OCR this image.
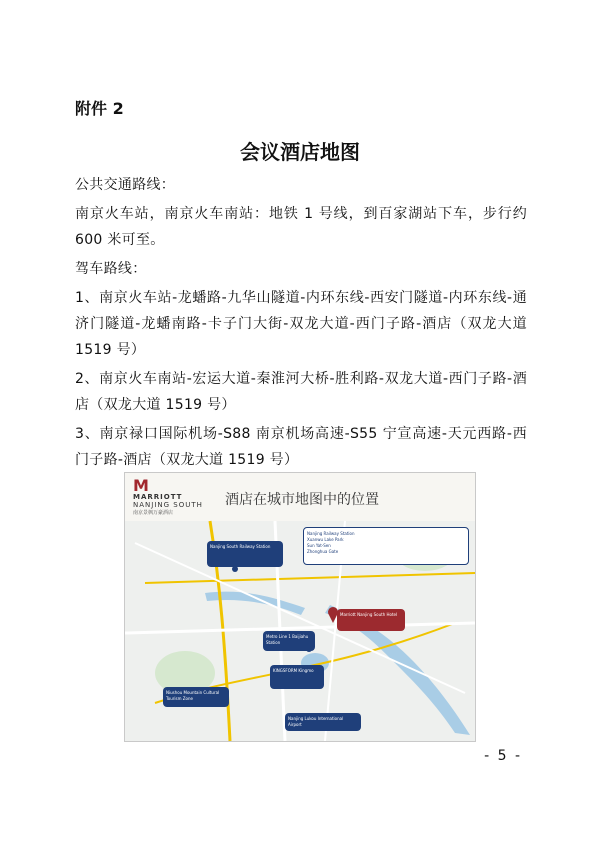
附件 2
会议酒店地图

公共交通路线：

南京火车站，南京火车南站：地铁 1 号线，到百家湖站下车，步行约 600 米可至。

驾车路线：

1、南京火车站-龙蟠路-九华山隧道-内环东线-西安门隧道-内环东线-通济门隧道-龙蟠南路-卡子门大街-双龙大道-西门子路-酒店（双龙大道 1519 号）

2、南京火车南站-宏运大道-秦淮河大桥-胜利路-双龙大道-西门子路-酒店（双龙大道 1519 号）

3、南京禄口国际机场-S88 南京机场高速-S55 宁宣高速-天元西路-西门子路-酒店（双龙大道 1519 号）

M
MARRIOTT
NANJING SOUTH
南京景枫万豪酒店
酒店在城市地图中的位置
Nanjing South Railway Station
Nanjing Railway Station
Xuanwu Lake Park
Sun Yat-Sen
Zhonghua Gate
Marriott Nanjing South Hotel
Metro Line 1 Baijiahu Station
KINGSFORM Kingmo
Niushou Mountain Cultural Tourism Zone
Nanjing Lukou International Airport
- 5 -
